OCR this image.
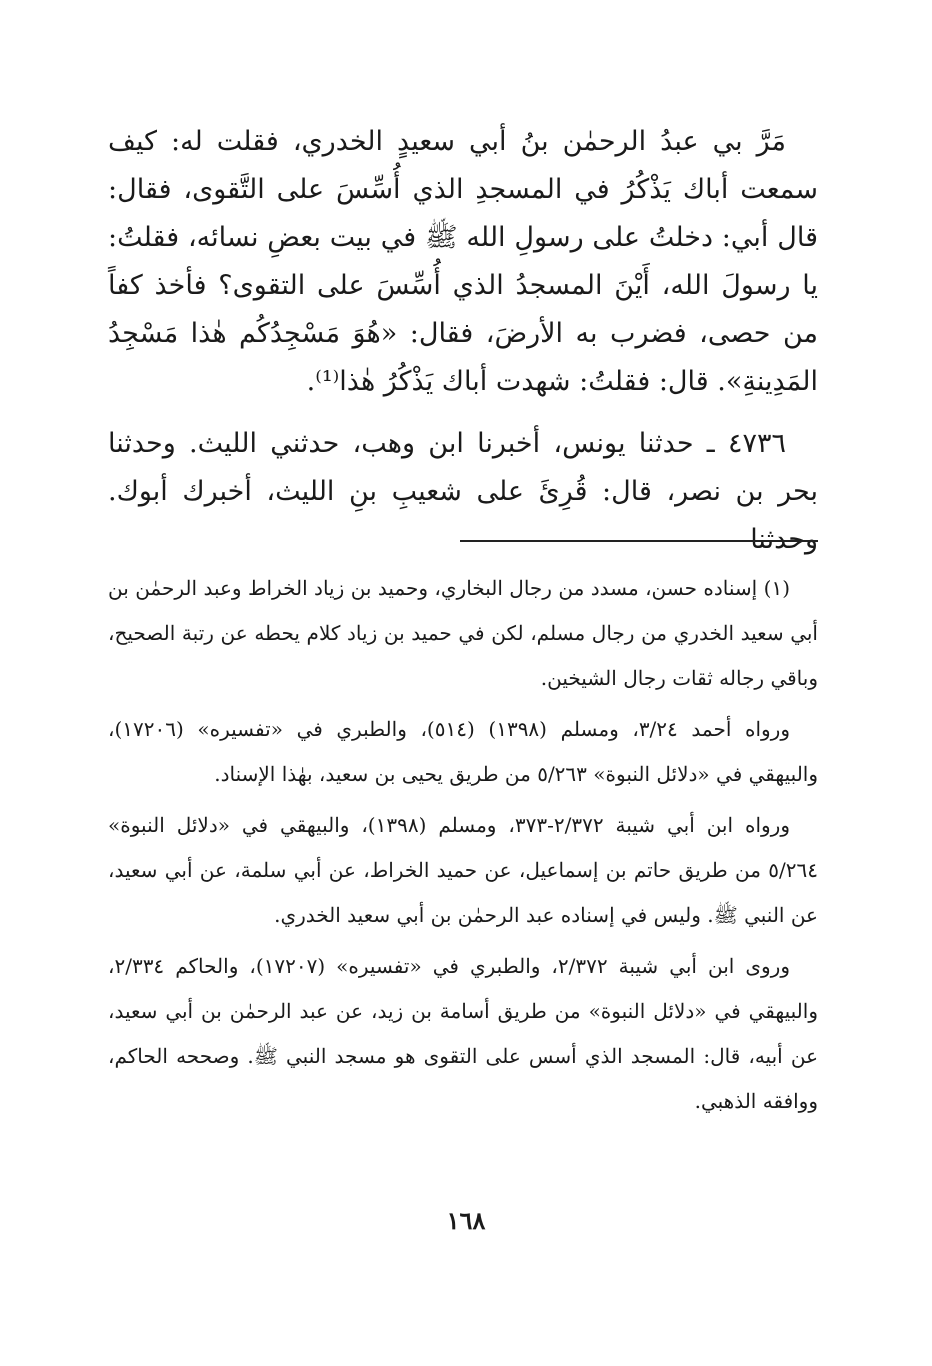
مَرَّ بي عبدُ الرحمٰن بنُ أبي سعيدٍ الخدري، فقلت له: كيف سمعت أباك يَذْكُرُ في المسجدِ الذي أُسِّسَ على التَّقوى، فقال: قال أبي: دخلتُ على رسولِ الله ﷺ في بيت بعضِ نسائه، فقلتُ: يا رسولَ الله، أَيْنَ المسجدُ الذي أُسِّسَ على التقوى؟ فأخذ كفاً من حصى، فضرب به الأرضَ، فقال: «هُوَ مَسْجِدُكُم هٰذا مَسْجِدُ المَدِينةِ». قال: فقلتُ: شهدت أباك يَذْكُرُ هٰذا⁽¹⁾.

٤٧٣٦ ـ حدثنا يونس، أخبرنا ابن وهب، حدثني الليث. وحدثنا بحر بن نصر، قال: قُرِئَ على شعيبِ بنِ الليث، أخبرك أبوك. وحدثنا

(١) إسناده حسن، مسدد من رجال البخاري، وحميد بن زياد الخراط وعبد الرحمٰن بن أبي سعيد الخدري من رجال مسلم، لكن في حميد بن زياد كلام يحطه عن رتبة الصحيح، وباقي رجاله ثقات رجال الشيخين.

ورواه أحمد ٣/٢٤، ومسلم (١٣٩٨) (٥١٤)، والطبري في «تفسيره» (١٧٢٠٦)، والبيهقي في «دلائل النبوة» ٥/٢٦٣ من طريق يحيى بن سعيد، بهٰذا الإسناد.

ورواه ابن أبي شيبة ٢/٣٧٢-٣٧٣، ومسلم (١٣٩٨)، والبيهقي في «دلائل النبوة» ٥/٢٦٤ من طريق حاتم بن إسماعيل، عن حميد الخراط، عن أبي سلمة، عن أبي سعيد، عن النبي ﷺ. وليس في إسناده عبد الرحمٰن بن أبي سعيد الخدري.

وروى ابن أبي شيبة ٢/٣٧٢، والطبري في «تفسيره» (١٧٢٠٧)، والحاكم ٢/٣٣٤، والبيهقي في «دلائل النبوة» من طريق أسامة بن زيد، عن عبد الرحمٰن بن أبي سعيد، عن أبيه، قال: المسجد الذي أسس على التقوى هو مسجد النبي ﷺ. وصححه الحاكم، ووافقه الذهبي.

١٦٨
